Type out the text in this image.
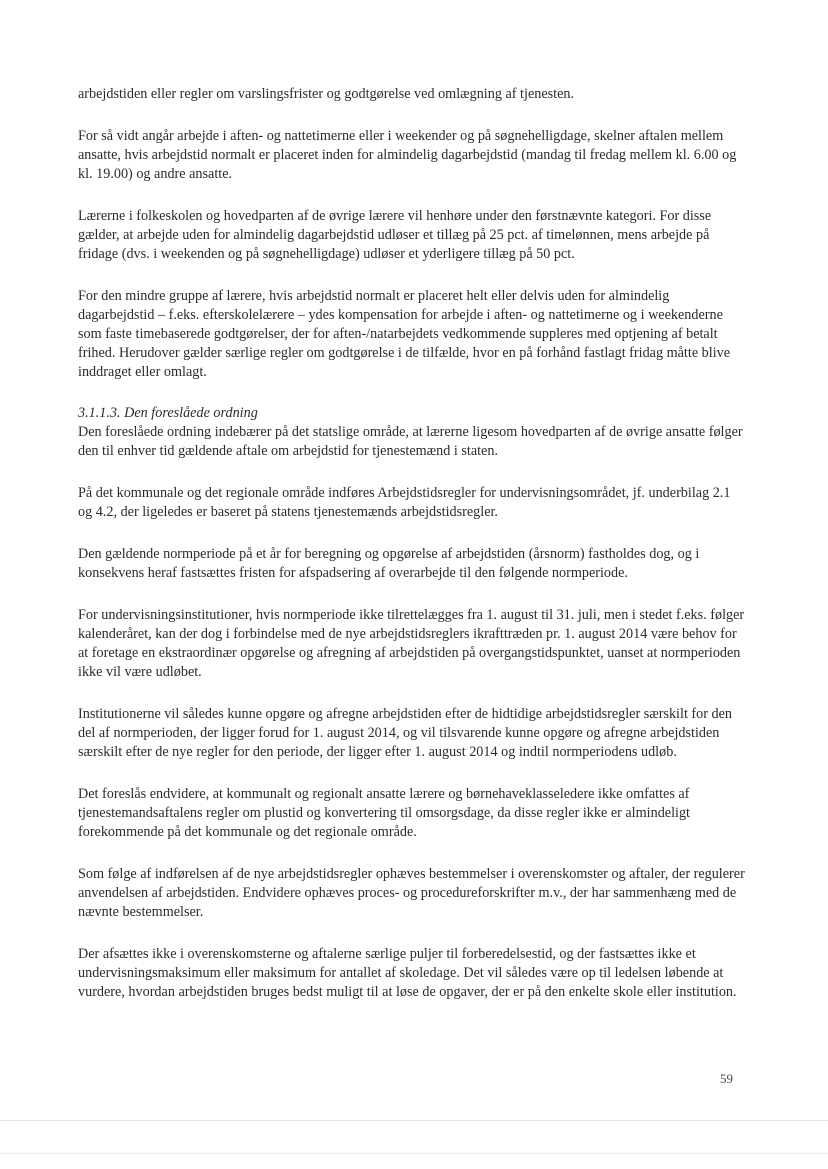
arbejdstiden eller regler om varslingsfrister og godtgørelse ved omlægning af tjenesten.

For så vidt angår arbejde i aften- og nattetimerne eller i weekender og på søgnehelligdage, skelner aftalen mellem ansatte, hvis arbejdstid normalt er placeret inden for almindelig dagarbejdstid (mandag til fredag mellem kl. 6.00 og kl. 19.00) og andre ansatte.

Lærerne i folkeskolen og hovedparten af de øvrige lærere vil henhøre under den førstnævnte kategori. For disse gælder, at arbejde uden for almindelig dagarbejdstid udløser et tillæg på 25 pct. af timelønnen, mens arbejde på fridage (dvs. i weekenden og på søgnehelligdage) udløser et yderligere tillæg på 50 pct.

For den mindre gruppe af lærere, hvis arbejdstid normalt er placeret helt eller delvis uden for almindelig dagarbejdstid – f.eks. efterskolelærere – ydes kompensation for arbejde i aften- og nattetimerne og i weekenderne som faste timebaserede godtgørelser, der for aften-/natarbejdets vedkommende suppleres med optjening af betalt frihed. Herudover gælder særlige regler om godtgørelse i de tilfælde, hvor en på forhånd fastlagt fridag måtte blive inddraget eller omlagt.

3.1.1.3. Den foreslåede ordning

Den foreslåede ordning indebærer på det statslige område, at lærerne ligesom hovedparten af de øvrige ansatte følger den til enhver tid gældende aftale om arbejdstid for tjenestemænd i staten.

På det kommunale og det regionale område indføres Arbejdstidsregler for undervisningsområdet, jf. underbilag 2.1 og 4.2, der ligeledes er baseret på statens tjenestemænds arbejdstidsregler.

Den gældende normperiode på et år for beregning og opgørelse af arbejdstiden (årsnorm) fastholdes dog, og i konsekvens heraf fastsættes fristen for afspadsering af overarbejde til den følgende normperiode.

For undervisningsinstitutioner, hvis normperiode ikke tilrettelægges fra 1. august til 31. juli, men i stedet f.eks. følger kalenderåret, kan der dog i forbindelse med de nye arbejdstidsreglers ikrafttræden pr. 1. august 2014 være behov for at foretage en ekstraordinær opgørelse og afregning af arbejdstiden på overgangstidspunktet, uanset at normperioden ikke vil være udløbet.

Institutionerne vil således kunne opgøre og afregne arbejdstiden efter de hidtidige arbejdstidsregler særskilt for den del af normperioden, der ligger forud for 1. august 2014, og vil tilsvarende kunne opgøre og afregne arbejdstiden særskilt efter de nye regler for den periode, der ligger efter 1. august 2014 og indtil normperiodens udløb.

Det foreslås endvidere, at kommunalt og regionalt ansatte lærere og børnehaveklasseledere ikke omfattes af tjenestemandsaftalens regler om plustid og konvertering til omsorgsdage, da disse regler ikke er almindeligt forekommende på det kommunale og det regionale område.

Som følge af indførelsen af de nye arbejdstidsregler ophæves bestemmelser i overenskomster og aftaler, der regulerer anvendelsen af arbejdstiden. Endvidere ophæves proces- og procedureforskrifter m.v., der har sammenhæng med de nævnte bestemmelser.

Der afsættes ikke i overenskomsterne og aftalerne særlige puljer til forberedelsestid, og der fastsættes ikke et undervisningsmaksimum eller maksimum for antallet af skoledage. Det vil således være op til ledelsen løbende at vurdere, hvordan arbejdstiden bruges bedst muligt til at løse de opgaver, der er på den enkelte skole eller institution.

59
